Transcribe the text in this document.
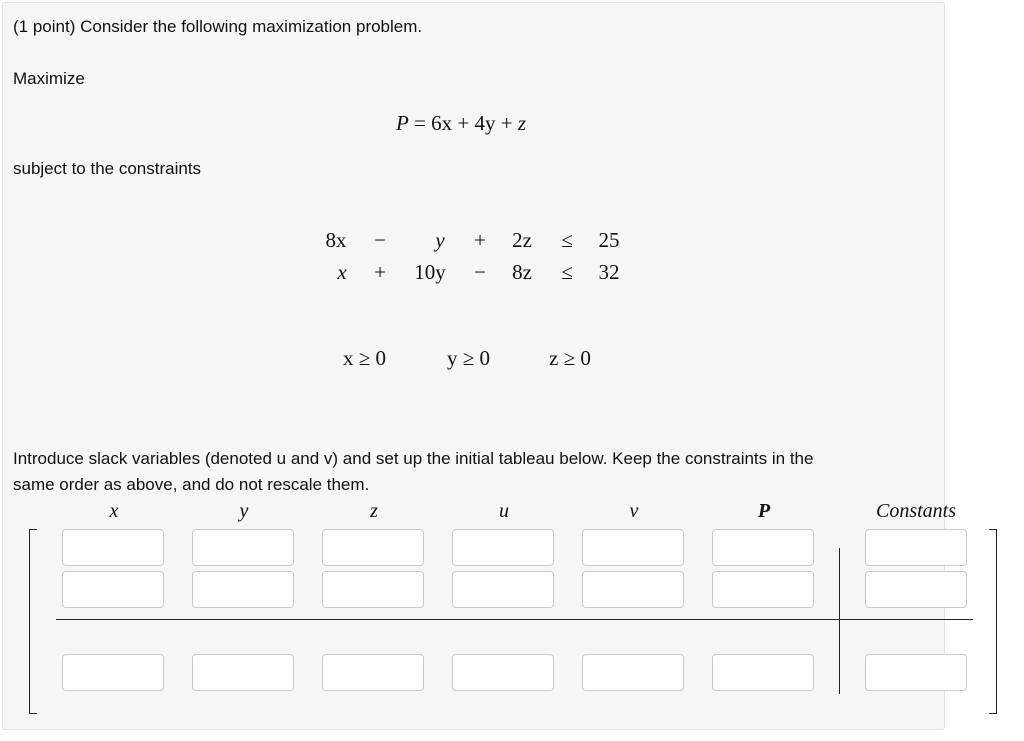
(1 point) Consider the following maximization problem.
Maximize
P = 6x + 4y + z
subject to the constraints
8x	−	y	+	2z	≤	25
x	+	10y	−	8z	≤	32
x ≥ 0	y ≥ 0	z ≥ 0
Introduce slack variables (denoted u and v) and set up the initial tableau below. Keep the constraints in the
same order as above, and do not rescale them.
x	y	z	u	v	P	Constants
